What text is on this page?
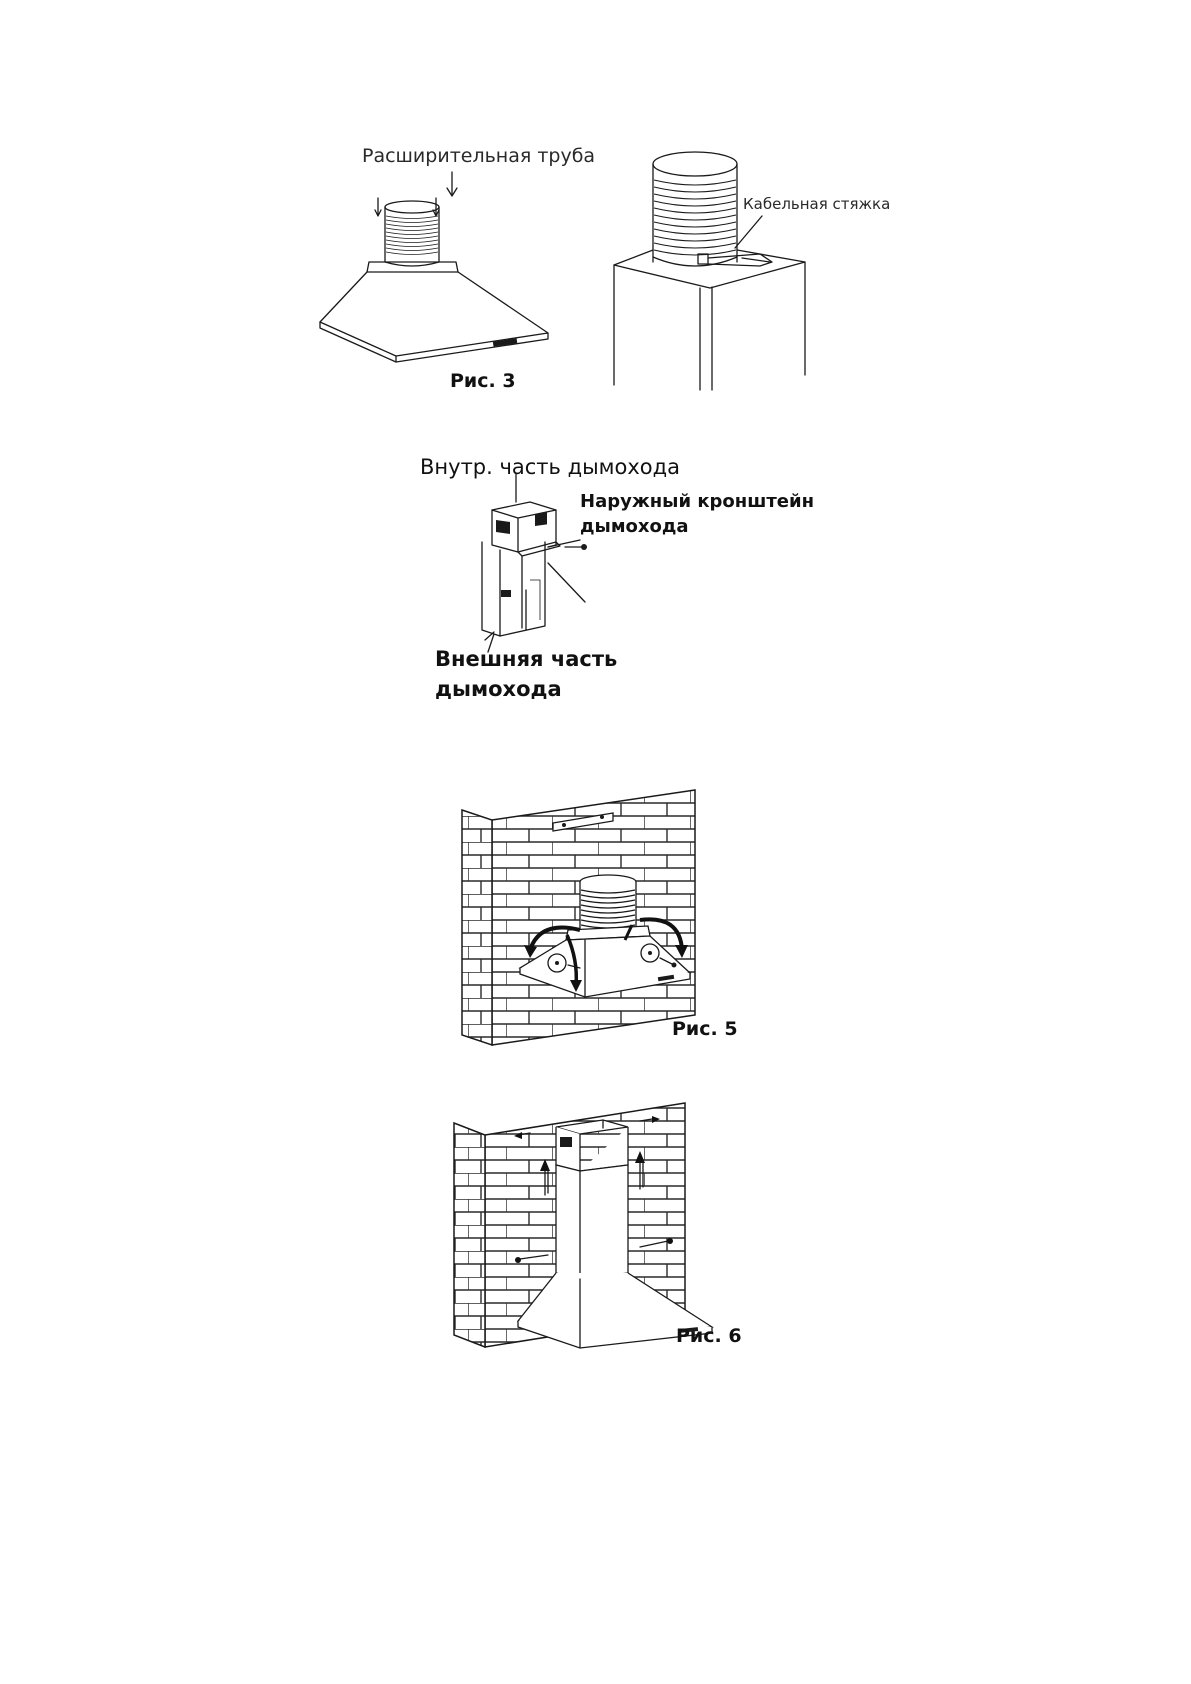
Расширительная труба
Рис. 3
Кабельная стяжка
Внутр. часть дымохода
Наружный кронштейн
дымохода
Внешняя часть
дымохода
Рис. 5
Рис. 6
